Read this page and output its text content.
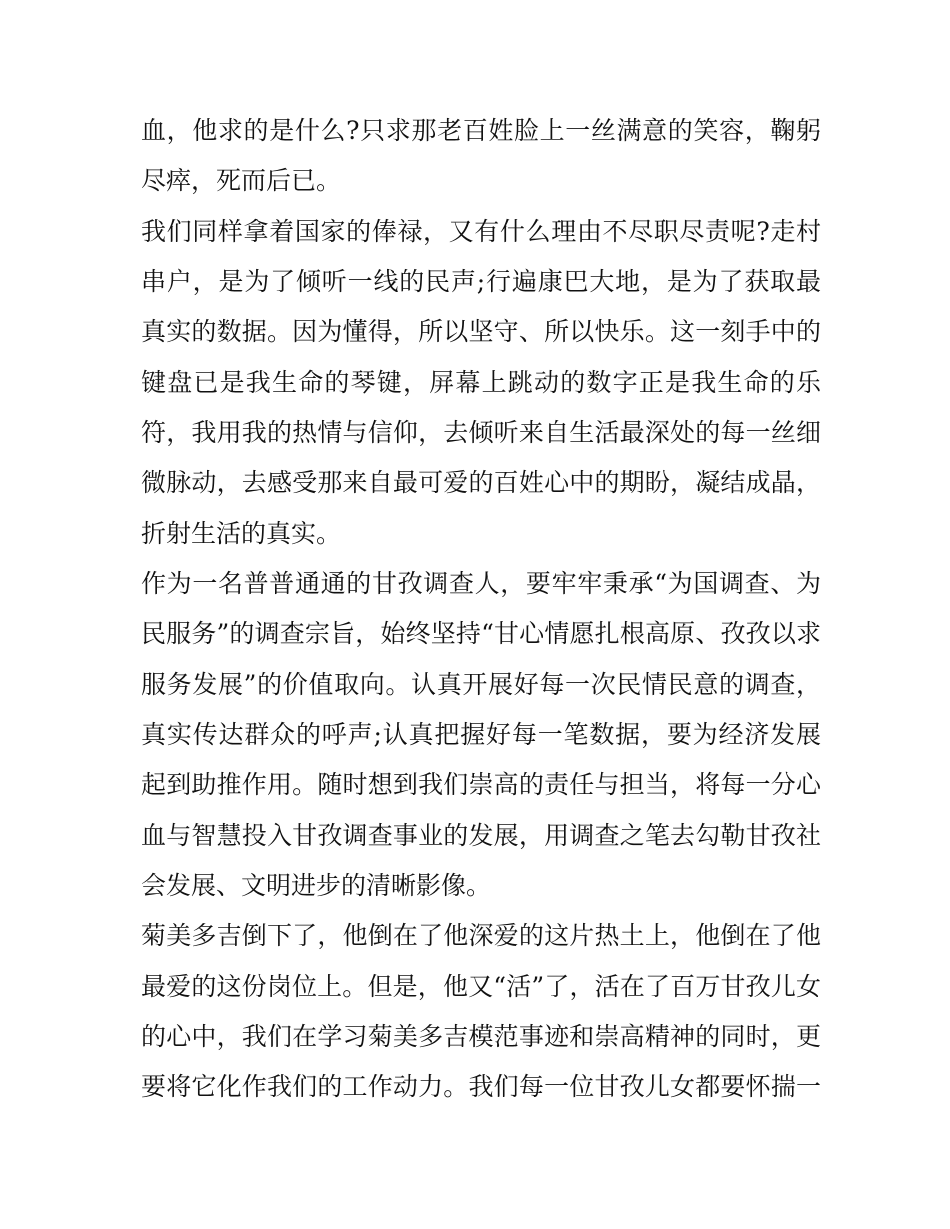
血，他求的是什么?只求那老百姓脸上一丝满意的笑容，鞠躬
尽瘁，死而后已。
我们同样拿着国家的俸禄，又有什么理由不尽职尽责呢?走村
串户，是为了倾听一线的民声;行遍康巴大地，是为了获取最
真实的数据。因为懂得，所以坚守、所以快乐。这一刻手中的
键盘已是我生命的琴键，屏幕上跳动的数字正是我生命的乐
符，我用我的热情与信仰，去倾听来自生活最深处的每一丝细
微脉动，去感受那来自最可爱的百姓心中的期盼，凝结成晶，
折射生活的真实。
作为一名普普通通的甘孜调查人，要牢牢秉承“为国调查、为
民服务”的调查宗旨，始终坚持“甘心情愿扎根高原、孜孜以求
服务发展”的价值取向。认真开展好每一次民情民意的调查，
真实传达群众的呼声;认真把握好每一笔数据，要为经济发展
起到助推作用。随时想到我们崇高的责任与担当，将每一分心
血与智慧投入甘孜调查事业的发展，用调查之笔去勾勒甘孜社
会发展、文明进步的清晰影像。
菊美多吉倒下了，他倒在了他深爱的这片热土上，他倒在了他
最爱的这份岗位上。但是，他又“活”了，活在了百万甘孜儿女
的心中，我们在学习菊美多吉模范事迹和崇高精神的同时，更
要将它化作我们的工作动力。我们每一位甘孜儿女都要怀揣一
